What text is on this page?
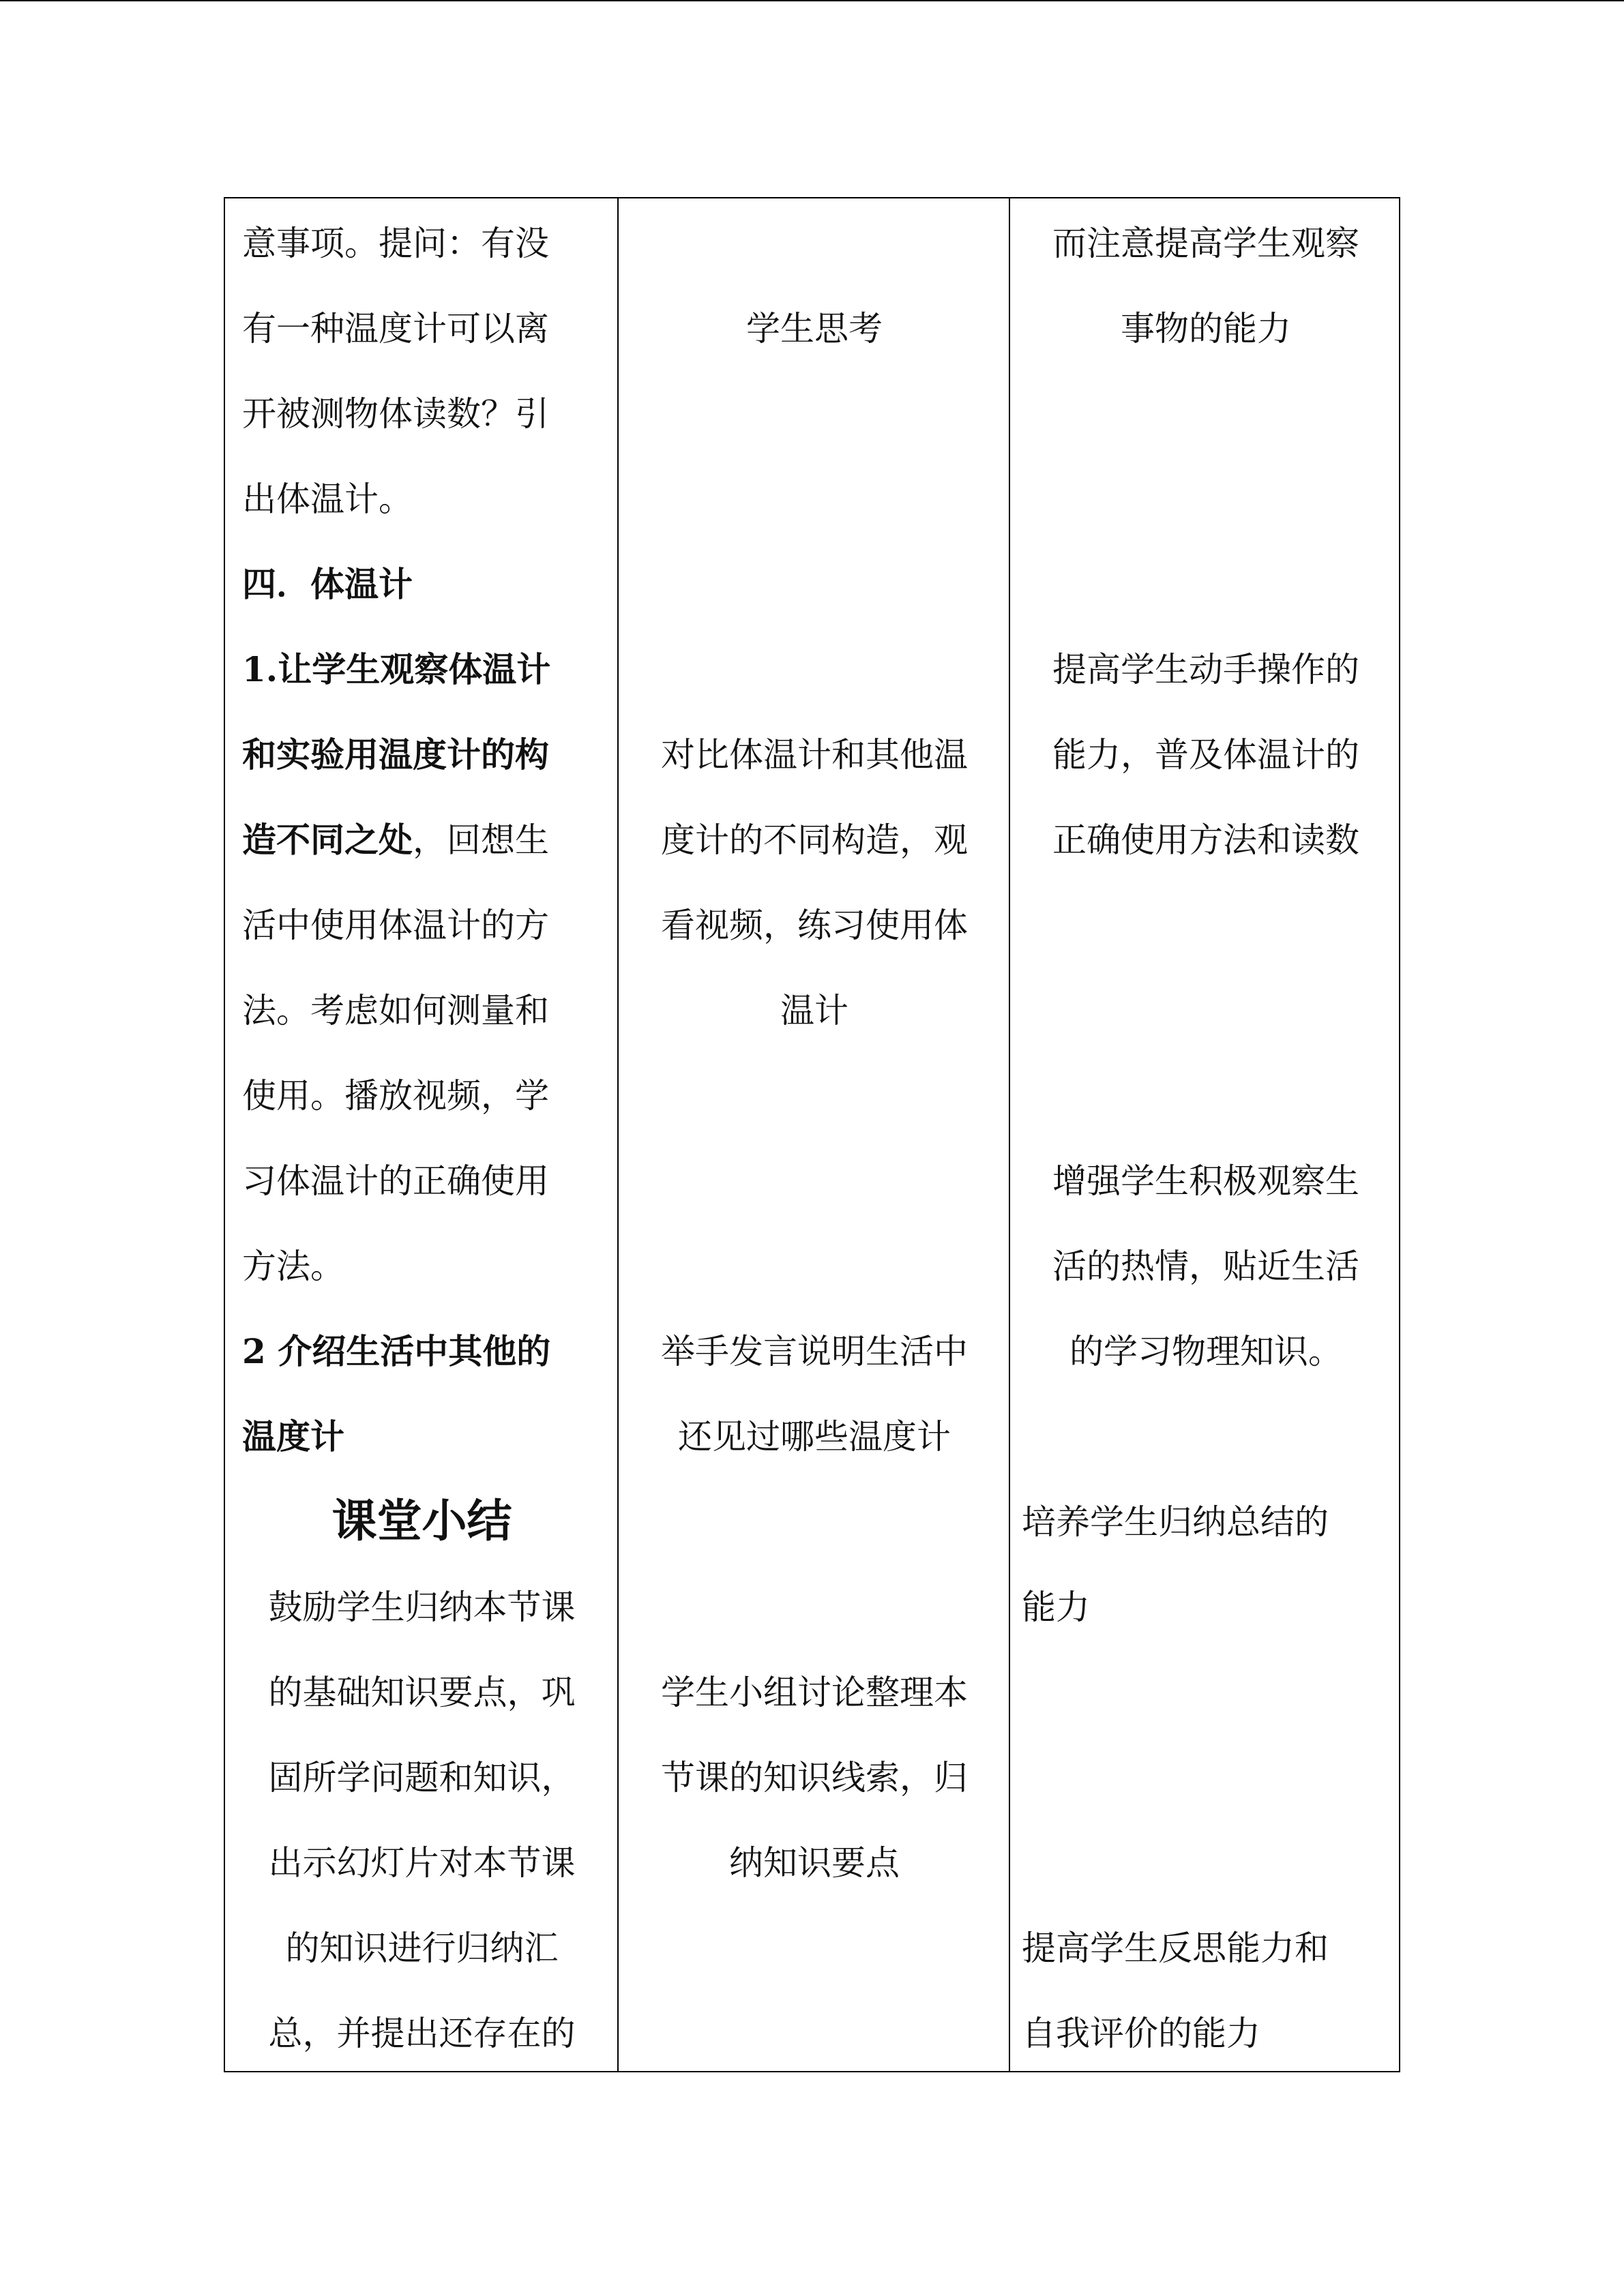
意事项。提问：有没

有一种温度计可以离

开被测物体读数？引

出体温计。

四．体温计

1.让学生观察体温计

和实验用温度计的构

造不同之处，回想生

活中使用体温计的方

法。考虑如何测量和

使用。播放视频，学

习体温计的正确使用

方法。

2 介绍生活中其他的

温度计

课堂小结

鼓励学生归纳本节课

的基础知识要点，巩

固所学问题和知识，

出示幻灯片对本节课

的知识进行归纳汇

总，并提出还存在的

学生思考

对比体温计和其他温

度计的不同构造，观

看视频，练习使用体

温计

举手发言说明生活中

还见过哪些温度计

学生小组讨论整理本

节课的知识线索，归

纳知识要点

而注意提高学生观察

事物的能力

提高学生动手操作的

能力，普及体温计的

正确使用方法和读数

增强学生积极观察生

活的热情，贴近生活

的学习物理知识。

培养学生归纳总结的

能力

提高学生反思能力和

自我评价的能力
